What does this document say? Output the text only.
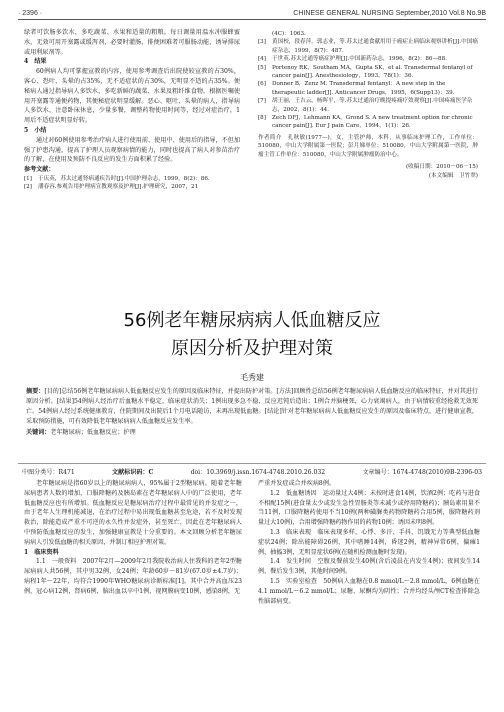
· 2396 ·	CHINESE GENERAL NURSING September,2010 Vol.8 No.9B

绿者可饮肠多饮水，多吃蔬菜、水果和适量的粗粮。每日调量用温水冲服蜂蜜水，无效可用开塞露或缓泻剂，必要时灌肠，排便困难者可服肠动能，诱导排尿或用利尿剂等。

4　结果

60例病人均可掌握宣教的内容，使用参考调查后出院使较宣教的占30%，客心、恐叶、头晕的占35%，无不适症状的占30%，无明显不适的占35%。便秘病人通过指导病人多饮水，多吃新鲜的蔬菜、水果及粗纤维食物，根据医嘱使用开塞露等通便药物，其便秘症状明显缓解。恶心、呕吐、头晕的病人，指导病人多饮水，注意卧床休息，少量多餐，调整药物使用时间等，经过对症治疗，1周后不适症状明显好转。

5　小结

通过对60例使用参考治疗病人进行使用前、使用中、使用后的指导，不但加强了护患沟通，提高了护理人员观察病情的能力，同时也提高了病人对参苗治疗的了解，在使用及预防不良反应的发生方面积累了经验。

参考文献：

[1]	于庆英，苏太过通肾病通疾告时[J].中国护理杂志，1999，8(2)：86.
[2]	潘春容.参观告用护理病宣教观察及护理[J].护理研究，2007，21
(4C)：1063.
[3]	黄国校，段春萍，郭志业，等.苏太过通食献用用于癌症止病临床观察讲析[J].中国癌症杂志，1999，8(7)：487.
[4]	于世英.苏太过通等癌症护理[J].中国新药杂志，1996，8(2)：86—88.
[5]	Portenoy RK，Southam MA，Gupta SK，et al. Transdermal fentanyl of cancer pain[J]. Anesthesiology，1993，78(1)：36.
[6]	Donner B，Zenz M. Transdermal fentanyl：A new step in the therapeutic ladder[J]. Anticancer Drugs，1995，6(Supp13)：39.
[7]	胡王丽，王吉云，杨晖平，等.苏太过通治疗晚提疼痛疗效观察[J].中国疼痛医学杂志，2002，8(1)：44.
[8]	Zech DFJ，Lehmann KA，Grond S. A new treatment option for chronic cancer pain[J]. Eur J pain Care，1994，1(1)：26.

作者简介　孔秋敏(1977—)，女，主管护师，本科，从事临床护理工作，工作单位：510080，中山大学附属第一医院；彭月娣单位：510080，中山大学附属第一医院，肿瘤主管工作单位：510080，中山大学附属肿瘤防治中心。

(收稿日期：2010－06－15)

(本文编辑　卫竹翠)

56例老年糖尿病病人低血糖反应
原因分析及护理对策
毛秀建

摘要：[目的]总结56例老年糖尿病病人低血糖反应发生的原因及临床特征，并提出防护对策。[方法]回顾性总结56例老年糖尿病病人低血糖反应的临床特征，并对其进行原因分析。[结果]54例病人经治疗后血糖水平稳定，临床症状消失；1例出现多急不稳，反应迟钝后造出；1例合并脑梗死，心力衰竭病人，由于病情较重经抢救无效死亡。54例病人经过系统健康教育，住院期间及出院后1个月电话随访，未再出现低血糖。[结论]针对老年糖尿病病人低血糖反应发生的原因及临床特点，进行健康宣教，采取预防措施，可有效降低老年糖尿病病人低血糖反应发生率。

关键词：老年糖尿病；低血糖反应；护理

中图分类号：R471	文献标识码：C	doi：10.3969/j.issn.1674-4748.2010.26.032	文章编号：1674-4748(2010)9B-2396-03

老年糖尿病是指60岁以上的糖尿病病人，95%属于2型糖尿病。随着老年糖尿病患者人数的增加，口服降糖药及胰岛素在老年糖尿病人中的广泛使用，老年低血糖反应也有所增加。低血糖反应是糖尿病治疗过程中最常见的并发症之一，由于老年人生理机能减退，在治疗过程中易出现低血糖甚至危途，若不及时发现救治，除能造成严重不可逆的永久性并发症外，甚至死亡，因此在老年糖尿病人中预防低血糖反应的发生，加强健康宣教是十分重要的。本文回顾分析老年糖尿病病人引发低血糖的相关原因，并制订相应护理对策。

1　临床资料

1.1　一般资料　2007年2月—2009年2月我院收治病人住我科的老年2型糖尿病病人共56例，其中男32例，女24例；年龄60岁～81岁(67.0岁±4.7岁)；病程1年～22年，均符合1990年WHO糖尿病诊断标准[1]。其中合并高血压23例，冠心病12例，肾病6例，脑出血以卒中1例，视网膜病变10例，感染8例，无

严重并发症或合并疾病8例。

1.2　低血糖诱因　运动量过大4例；未按时进食14例，饮酒2例；吃药与进食不相配15例(进食量太少或发生急性胃肠炎等未减少或停用降糖药)；胰岛素用量不当11例，口服降糖药使用不当10例(两种磺脲类药物降糖药合用5例，服降糖药剂量过大10例)，合用增强降糖药物作用的药物10例；诱因未明8例。

1.3　临床表现　临床表现多样，心悸、多汗、手抖、饥饿无力等典型低血糖症状24例；除出能障碍26例，其中嗜睡14例，昏迷2例，精神异常6例，偏瘫1例，抽搐3例，无明显症状6例(在随机检测血糖时发现)。

1.4　发生时间　空腹及餐前发生40例(含后凌晨在内发生4例)；夜间发生14例，餐后发生3例，其他时间9例。

1.5　实验室检查　50例病人血糖在0.8 mmol/L～2.8 mmol/L，6例血糖在4.1 mmol/L～6.2 mmol/L；尿糖、尿酮均为阴性；合并均经头颅CT检查排除急性脑部病变。
